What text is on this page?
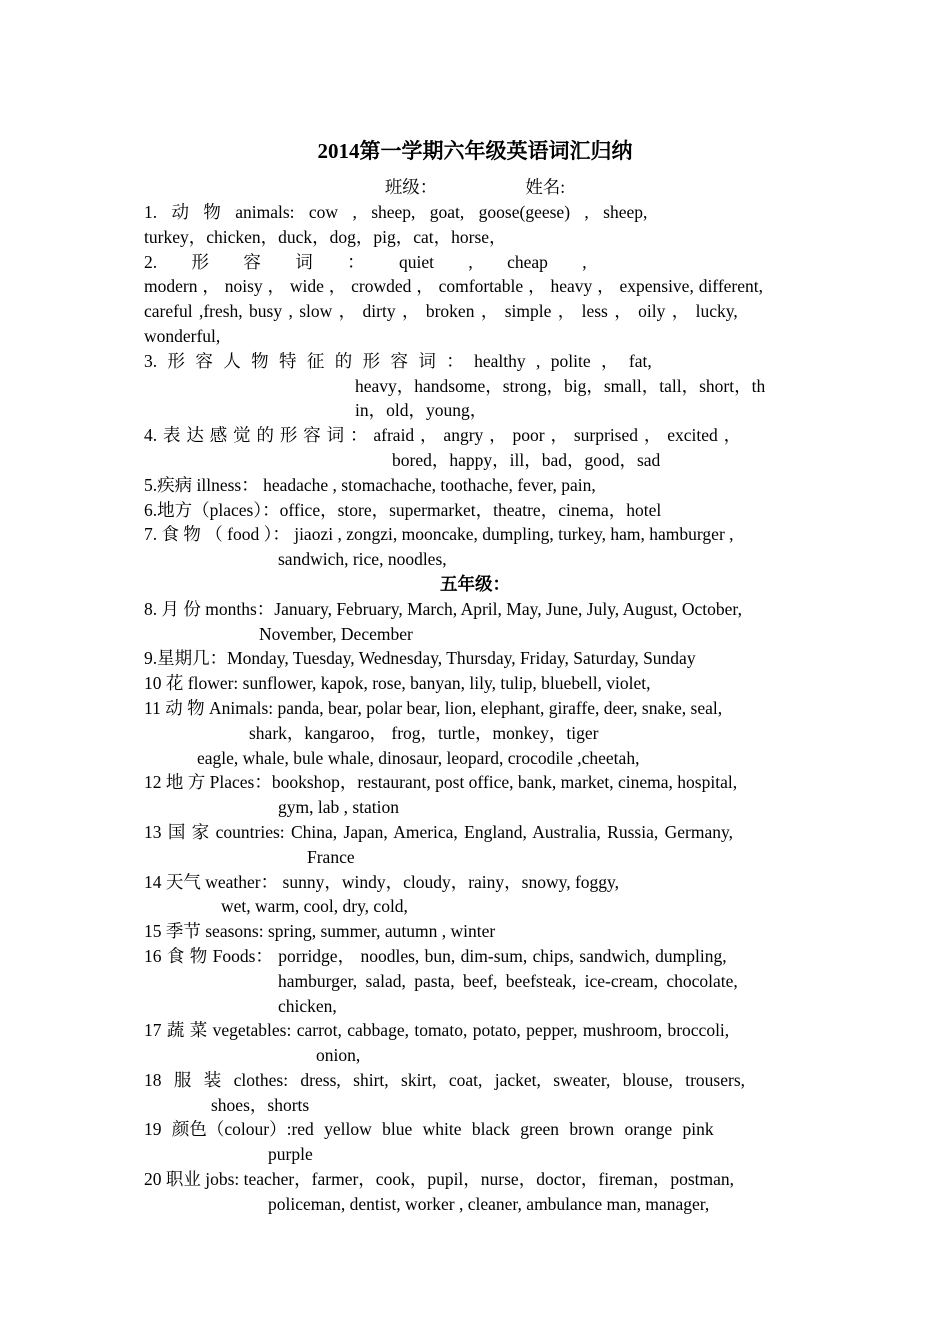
2014第一学期六年级英语词汇归纳
班级：	姓名:
1. 动 物 animals: cow , sheep, goat, goose(geese) , sheep,
turkey，chicken，duck，dog，pig，cat，horse，
2. 形 容 词 ： quiet , cheap ,
modern ， noisy ， wide ， crowded ， comfortable ， heavy ， expensive, different,
careful ,fresh, busy , slow ， dirty ， broken ， simple ， less ， oily ， lucky,
wonderful,
3. 形 容 人 物 特 征 的 形 容 词 ： healthy , polite ， fat,
heavy，handsome，strong，big，small，tall，short，th
in，old，young，
4. 表 达 感 觉 的 形 容 词 ： afraid ， angry ， poor ， surprised ， excited ，
bored，happy，ill，bad，good，sad
5.疾病 illness： headache , stomachache, toothache, fever, pain,
6.地方（places）：office，store，supermarket，theatre，cinema，hotel
7. 食 物 （ food ）： jiaozi , zongzi, mooncake, dumpling, turkey, ham, hamburger ,
sandwich, rice, noodles,
五年级：
8. 月 份 months：January, February, March, April, May, June, July, August, October,
November, December
9.星期几：Monday, Tuesday, Wednesday, Thursday, Friday, Saturday, Sunday
10 花 flower: sunflower, kapok, rose, banyan, lily, tulip, bluebell, violet,
11 动 物 Animals: panda, bear, polar bear, lion, elephant, giraffe, deer, snake, seal,
shark，kangaroo， frog，turtle，monkey，tiger
eagle, whale, bule whale, dinosaur, leopard, crocodile ,cheetah,
12 地 方 Places：bookshop，restaurant, post office, bank, market, cinema, hospital,
gym, lab , station
13 国 家 countries: China, Japan, America, England, Australia, Russia, Germany,
France
14 天气 weather： sunny，windy，cloudy，rainy，snowy, foggy,
wet, warm, cool, dry, cold,
15 季节 seasons: spring, summer, autumn , winter
16 食 物 Foods： porridge， noodles, bun, dim-sum, chips, sandwich, dumpling,
hamburger, salad, pasta, beef, beefsteak, ice-cream, chocolate,
chicken,
17 蔬 菜 vegetables: carrot, cabbage, tomato, potato, pepper, mushroom, broccoli,
onion,
18 服 装 clothes: dress, shirt, skirt, coat, jacket, sweater, blouse, trousers,
shoes，shorts
19 颜色（colour）:red yellow blue white black green brown orange pink
purple
20 职业 jobs: teacher，farmer，cook，pupil，nurse，doctor，fireman，postman,
policeman, dentist, worker , cleaner, ambulance man, manager,
